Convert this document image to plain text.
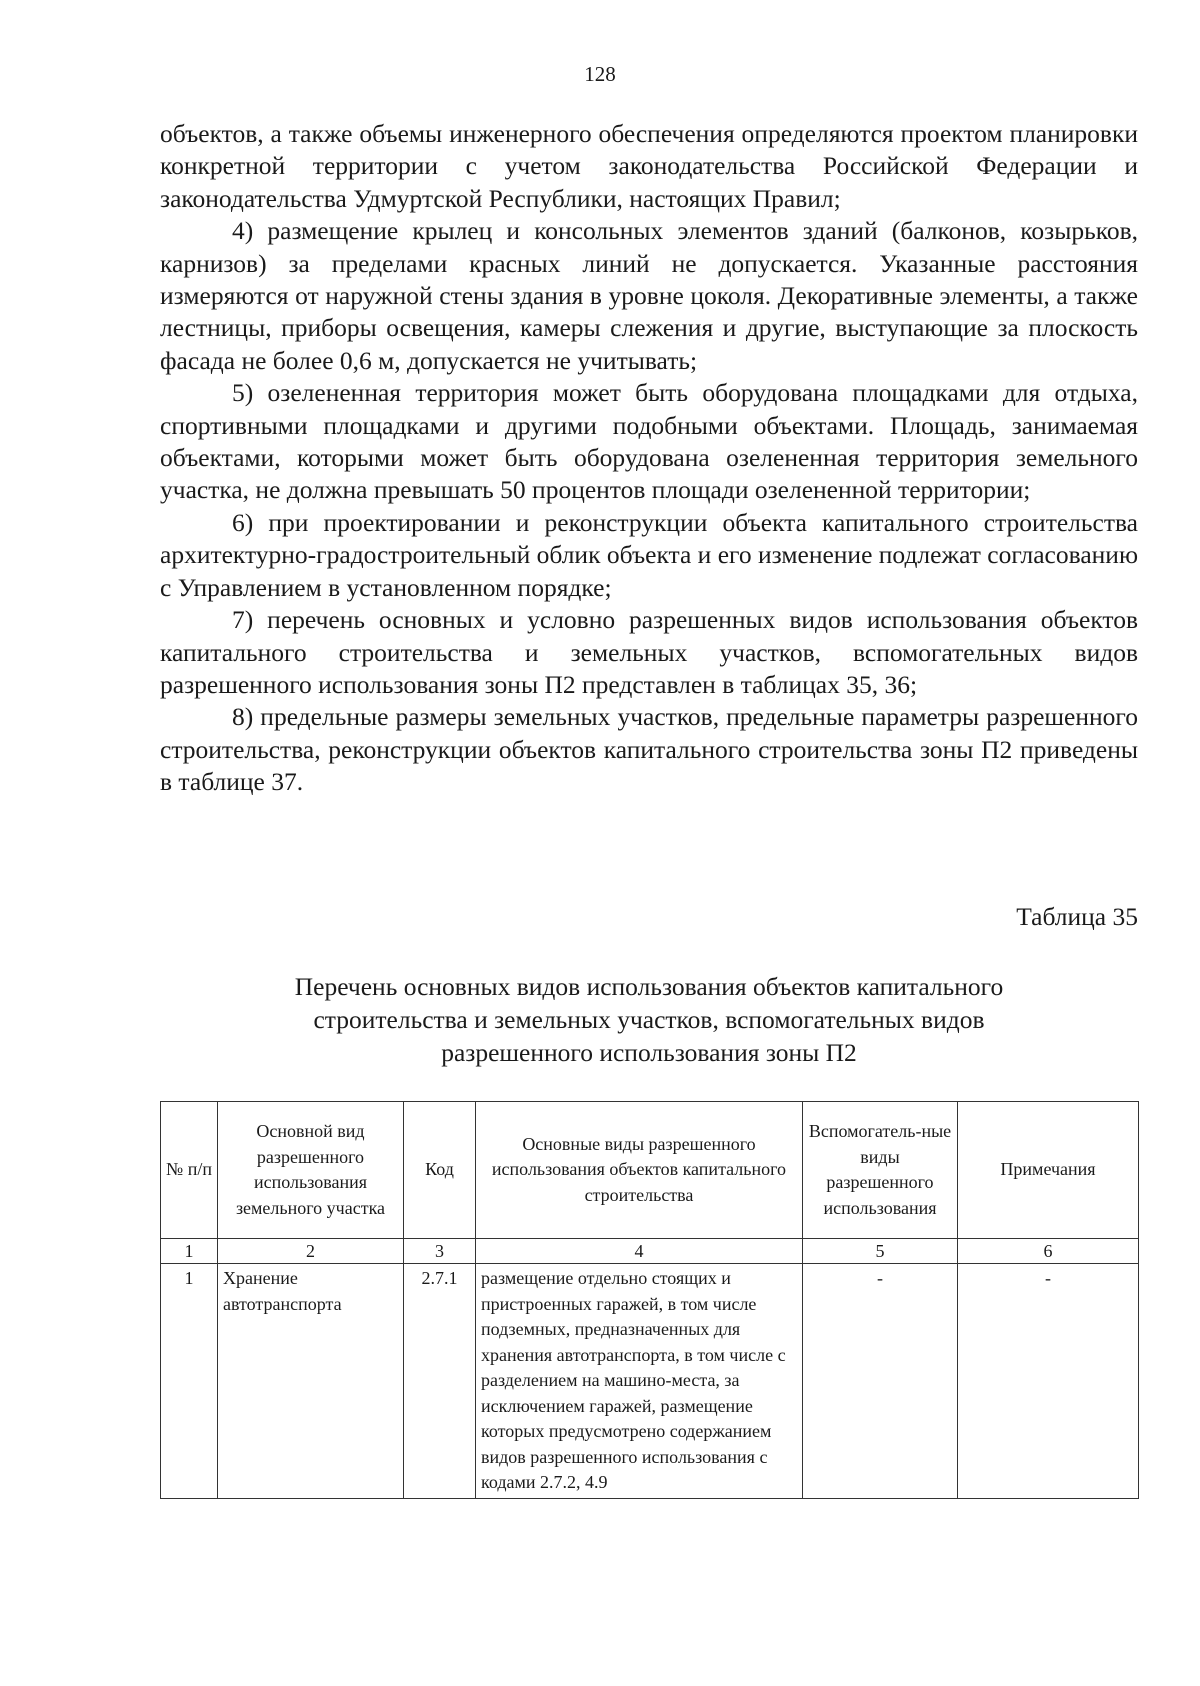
128

объектов, а также объемы инженерного обеспечения определяются проектом планировки конкретной территории с учетом законодательства Российской Федерации и законодательства Удмуртской Республики, настоящих Правил;

4) размещение крылец и консольных элементов зданий (балконов, козырьков, карнизов) за пределами красных линий не допускается. Указанные расстояния измеряются от наружной стены здания в уровне цоколя. Декоративные элементы, а также лестницы, приборы освещения, камеры слежения и другие, выступающие за плоскость фасада не более 0,6 м, допускается не учитывать;

5) озелененная территория может быть оборудована площадками для отдыха, спортивными площадками и другими подобными объектами. Площадь, занимаемая объектами, которыми может быть оборудована озелененная территория земельного участка, не должна превышать 50 процентов площади озелененной территории;

6) при проектировании и реконструкции объекта капитального строительства архитектурно-градостроительный облик объекта и его изменение подлежат согласованию с Управлением в установленном порядке;

7) перечень основных и условно разрешенных видов использования объектов капитального строительства и земельных участков, вспомогательных видов разрешенного использования зоны П2 представлен в таблицах 35, 36;

8) предельные размеры земельных участков, предельные параметры разрешенного строительства, реконструкции объектов капитального строительства зоны П2 приведены в таблице 37.

Таблица 35
Перечень основных видов использования объектов капитального
строительства и земельных участков, вспомогательных видов
разрешенного использования зоны П2
№ п/п	Основной вид разрешенного использования земельного участка	Код	Основные виды разрешенного использования объектов капитального строительства	Вспомогатель-ные виды разрешенного использования	Примечания
1	2	3	4	5	6
1	Хранение автотранспорта	2.7.1	размещение отдельно стоящих и пристроенных гаражей, в том числе подземных, предназначенных для хранения автотранспорта, в том числе с разделением на машино-места, за исключением гаражей, размещение которых предусмотрено содержанием видов разрешенного использования с кодами 2.7.2, 4.9	-	-
